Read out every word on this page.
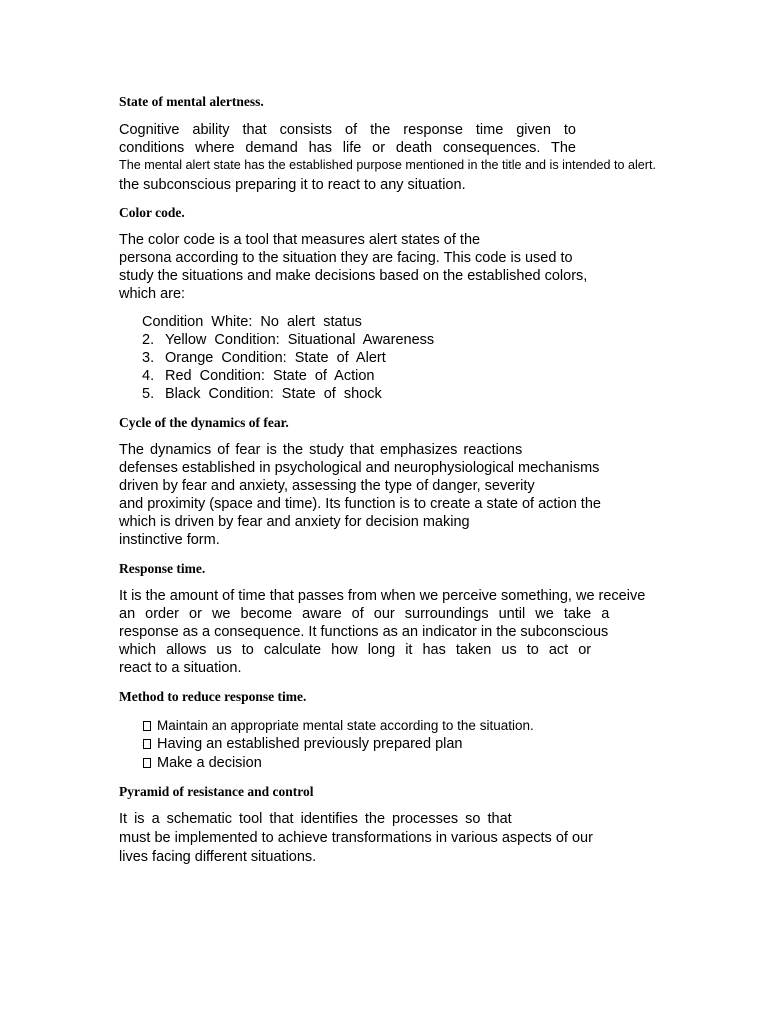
State of mental alertness.
Cognitive ability that consists of the response time given to
conditions where demand has life or death consequences. The
The mental alert state has the established purpose mentioned in the title and is intended to alert.
the subconscious preparing it to react to any situation.
Color code.
The color code is a tool that measures alert states of the
persona according to the situation they are facing. This code is used to
study the situations and make decisions based on the established colors,
which are:
Condition White: No alert status
2. Yellow Condition: Situational Awareness
3. Orange Condition: State of Alert
4. Red Condition: State of Action
5. Black Condition: State of shock
Cycle of the dynamics of fear.
The dynamics of fear is the study that emphasizes reactions
defenses established in psychological and neurophysiological mechanisms
driven by fear and anxiety, assessing the type of danger, severity
and proximity (space and time). Its function is to create a state of action the
which is driven by fear and anxiety for decision making
instinctive form.
Response time.
It is the amount of time that passes from when we perceive something, we receive
an order or we become aware of our surroundings until we take a
response as a consequence. It functions as an indicator in the subconscious
which allows us to calculate how long it has taken us to act or
react to a situation.
Method to reduce response time.
Maintain an appropriate mental state according to the situation.
Having an established previously prepared plan
Make a decision
Pyramid of resistance and control
It is a schematic tool that identifies the processes so that
must be implemented to achieve transformations in various aspects of our
lives facing different situations.
